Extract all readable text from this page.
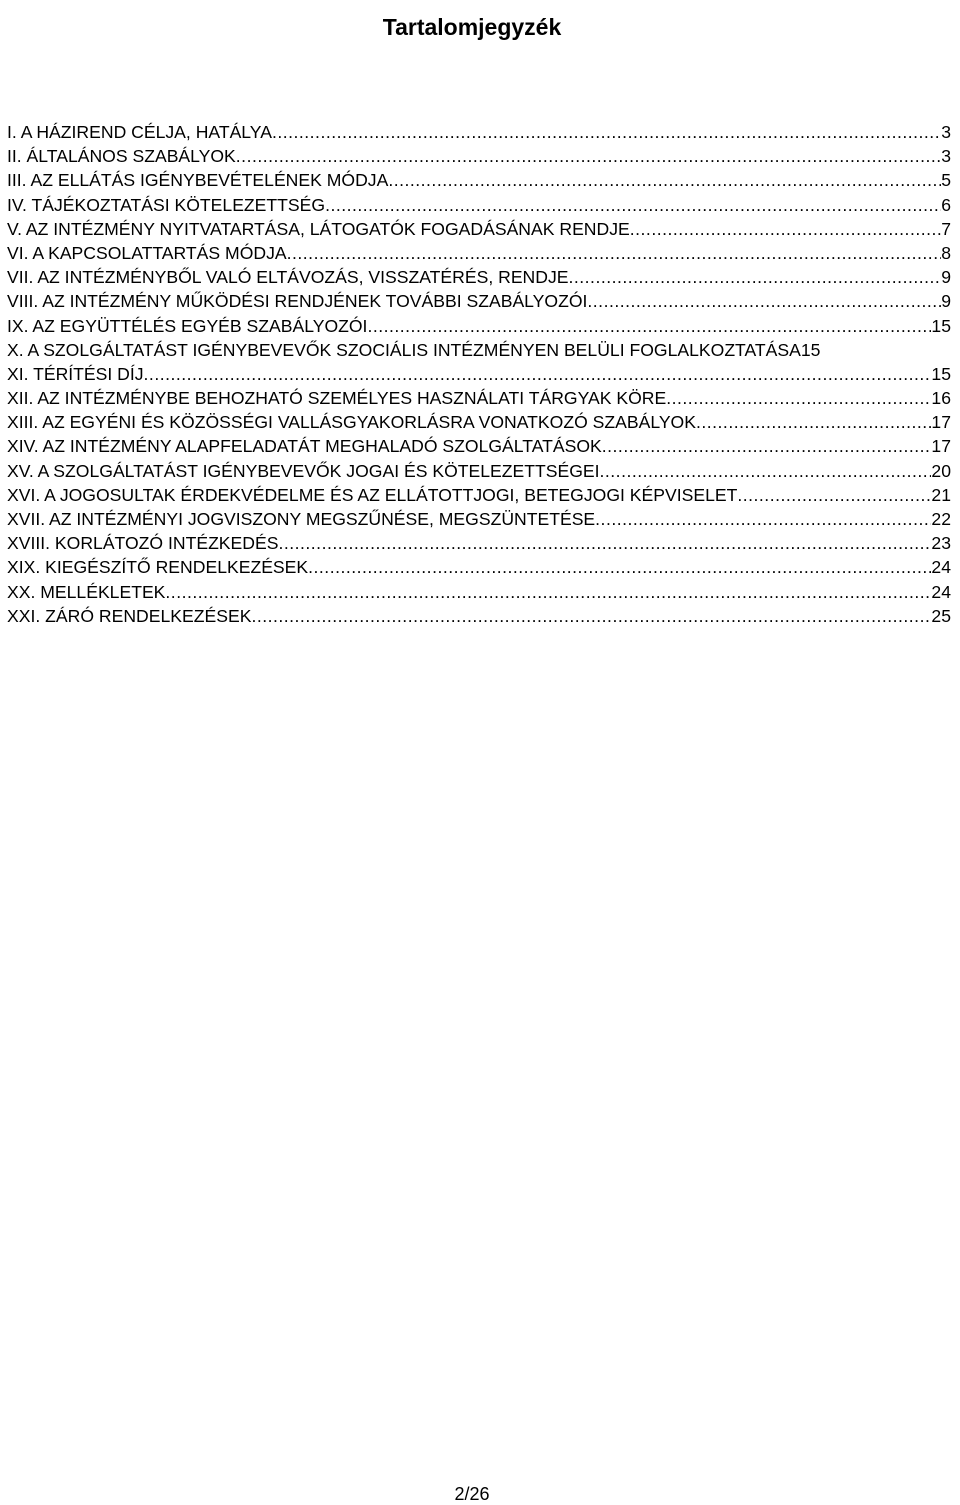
Tartalomjegyzék
I. A HÁZIREND CÉLJA, HATÁLYA .....	3
II. ÁLTALÁNOS SZABÁLYOK .....	3
III. AZ ELLÁTÁS IGÉNYBEVÉTELÉNEK MÓDJA .....	5
IV. TÁJÉKOZTATÁSI KÖTELEZETTSÉG .....	6
V. AZ INTÉZMÉNY NYITVATARTÁSA, LÁTOGATÓK FOGADÁSÁNAK RENDJE .....	7
VI. A KAPCSOLATTARTÁS MÓDJA .....	8
VII. AZ INTÉZMÉNYBŐL VALÓ ELTÁVOZÁS, VISSZATÉRÉS, RENDJE .....	9
VIII. AZ INTÉZMÉNY MŰKÖDÉSI RENDJÉNEK TOVÁBBI SZABÁLYOZÓI .....	9
IX. AZ EGYÜTTÉLÉS EGYÉB SZABÁLYOZÓI .....	15
X. A SZOLGÁLTATÁST IGÉNYBEVEVŐK SZOCIÁLIS INTÉZMÉNYEN BELÜLI FOGLALKOZTATÁSA 15
XI. TÉRÍTÉSI DÍJ .....	15
XII. AZ INTÉZMÉNYBE BEHOZHATÓ SZEMÉLYES HASZNÁLATI TÁRGYAK KÖRE .....	16
XIII. AZ EGYÉNI ÉS KÖZÖSSÉGI VALLÁSGYAKORLÁSRA VONATKOZÓ SZABÁLYOK .....	17
XIV. AZ INTÉZMÉNY ALAPFELADATÁT MEGHALADÓ SZOLGÁLTATÁSOK .....	17
XV. A SZOLGÁLTATÁST IGÉNYBEVEVŐK JOGAI ÉS KÖTELEZETTSÉGEI .....	20
XVI. A JOGOSULTAK ÉRDEKVÉDELME ÉS AZ ELLÁTOTTJOGI, BETEGJOGI KÉPVISELET .....	21
XVII. AZ INTÉZMÉNYI JOGVISZONY MEGSZŰNÉSE, MEGSZÜNTETÉSE .....	22
XVIII. KORLÁTOZÓ INTÉZKEDÉS .....	23
XIX. KIEGÉSZÍTŐ RENDELKEZÉSEK .....	24
XX. MELLÉKLETEK .....	24
XXI. ZÁRÓ RENDELKEZÉSEK .....	25
2/26
